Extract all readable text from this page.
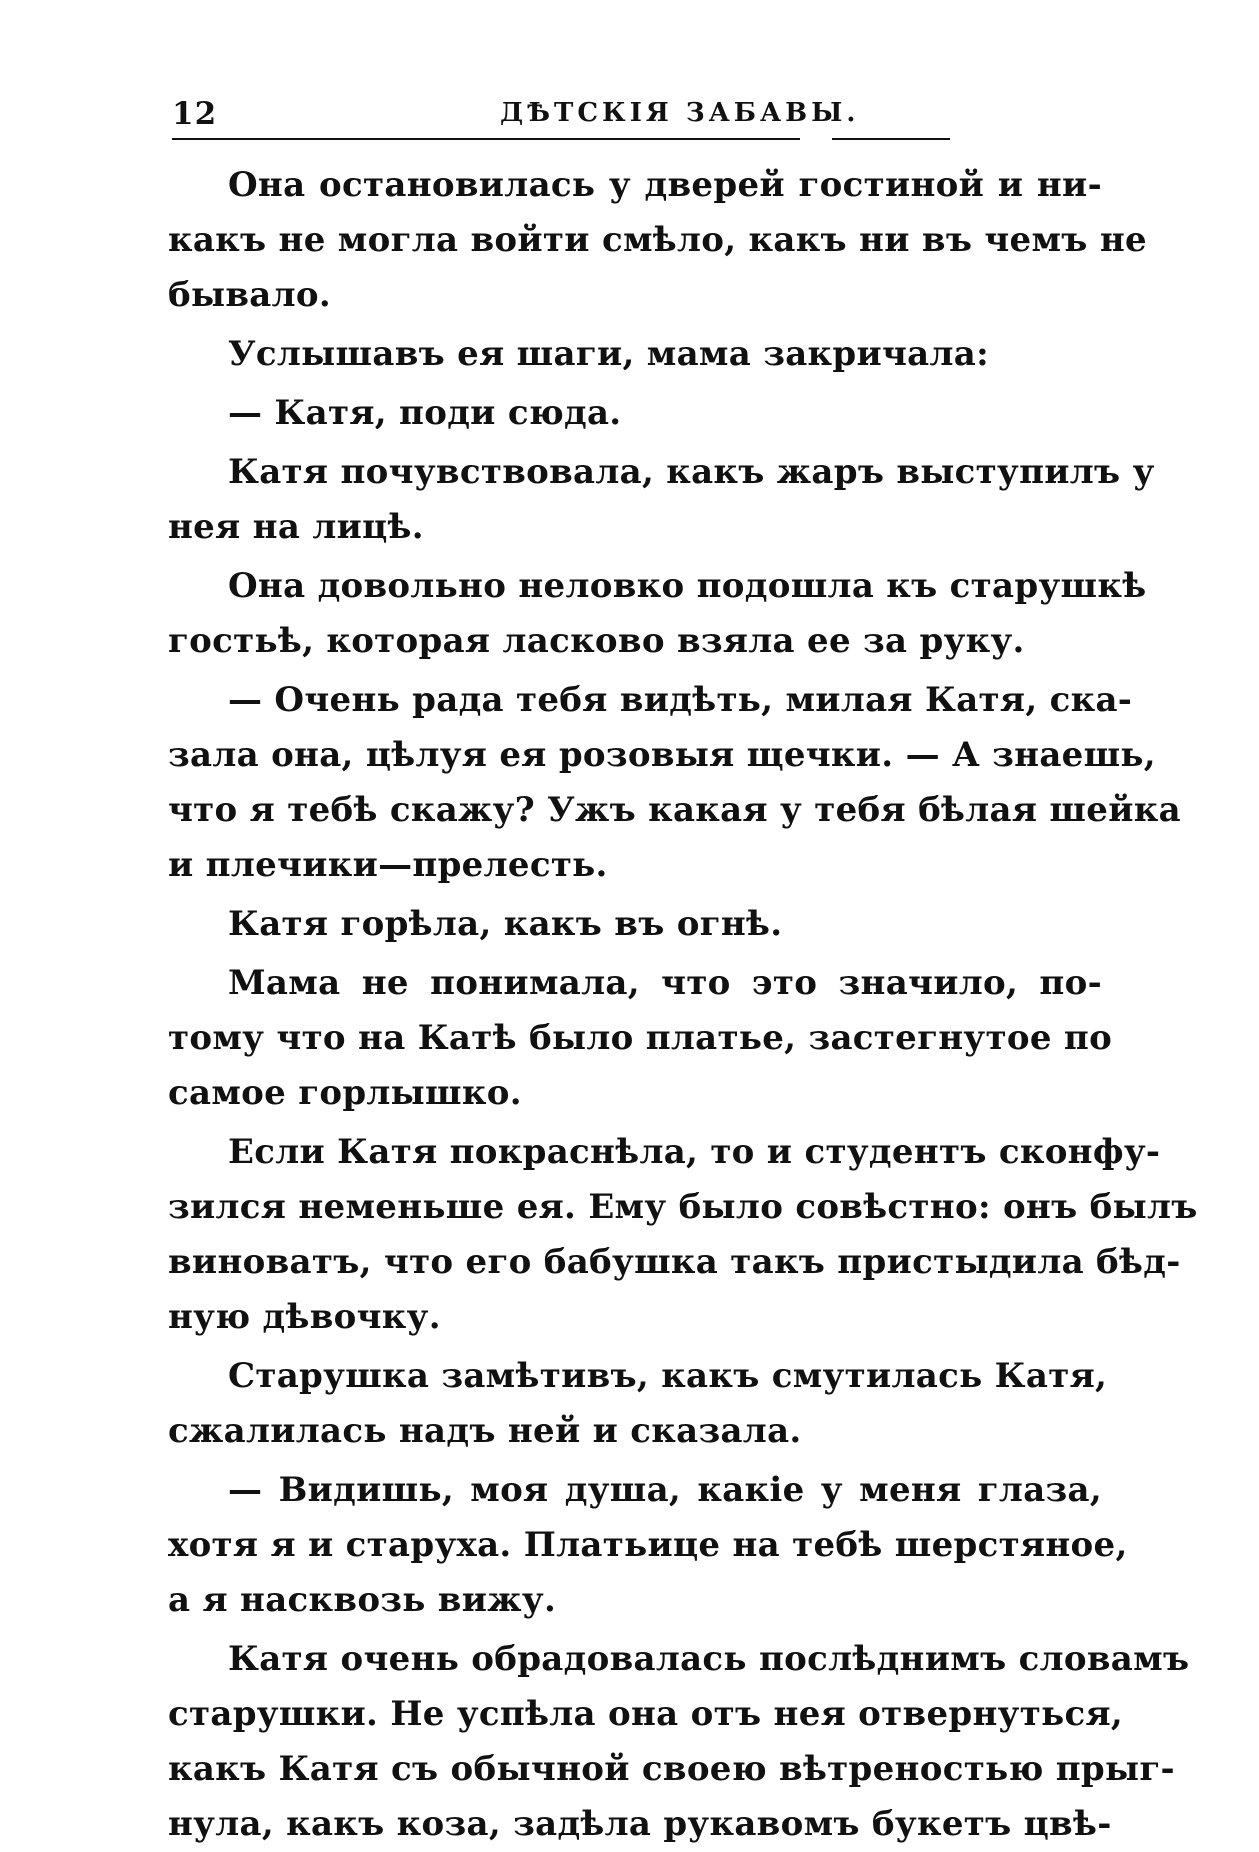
12	ДѢТСКІЯ ЗАБАВЫ.
Она остановилась у дверей гостиной и ни-
какъ не могла войти смѣло, какъ ни въ чемъ не
бывало.
Услышавъ ея шаги, мама закричала:
— Катя, поди сюда.
Катя почувствовала, какъ жаръ выступилъ у
нея на лицѣ.
Она довольно неловко подошла къ старушкѣ
гостьѣ, которая ласково взяла ее за руку.
— Очень рада тебя видѣть, милая Катя, ска-
зала она, цѣлуя ея розовыя щечки. — А знаешь,
что я тебѣ скажу? Ужъ какая у тебя бѣлая шейка
и плечики—прелесть.
Катя горѣла, какъ въ огнѣ.
Мама не понимала, что это значило, по-
тому что на Катѣ было платье, застегнутое по
самое горлышко.
Если Катя покраснѣла, то и студентъ сконфу-
зился неменьше ея. Ему было совѣстно: онъ былъ
виноватъ, что его бабушка такъ пристыдила бѣд-
ную дѣвочку.
Старушка замѣтивъ, какъ смутилась Катя,
сжалилась надъ ней и сказала.
— Видишь, моя душа, какіе у меня глаза,
хотя я и старуха. Платьице на тебѣ шерстяное,
а я насквозь вижу.
Катя очень обрадовалась послѣднимъ словамъ
старушки. Не успѣла она отъ нея отвернуться,
какъ Катя съ обычной своею вѣтреностью прыг-
нула, какъ коза, задѣла рукавомъ букетъ цвѣ-
